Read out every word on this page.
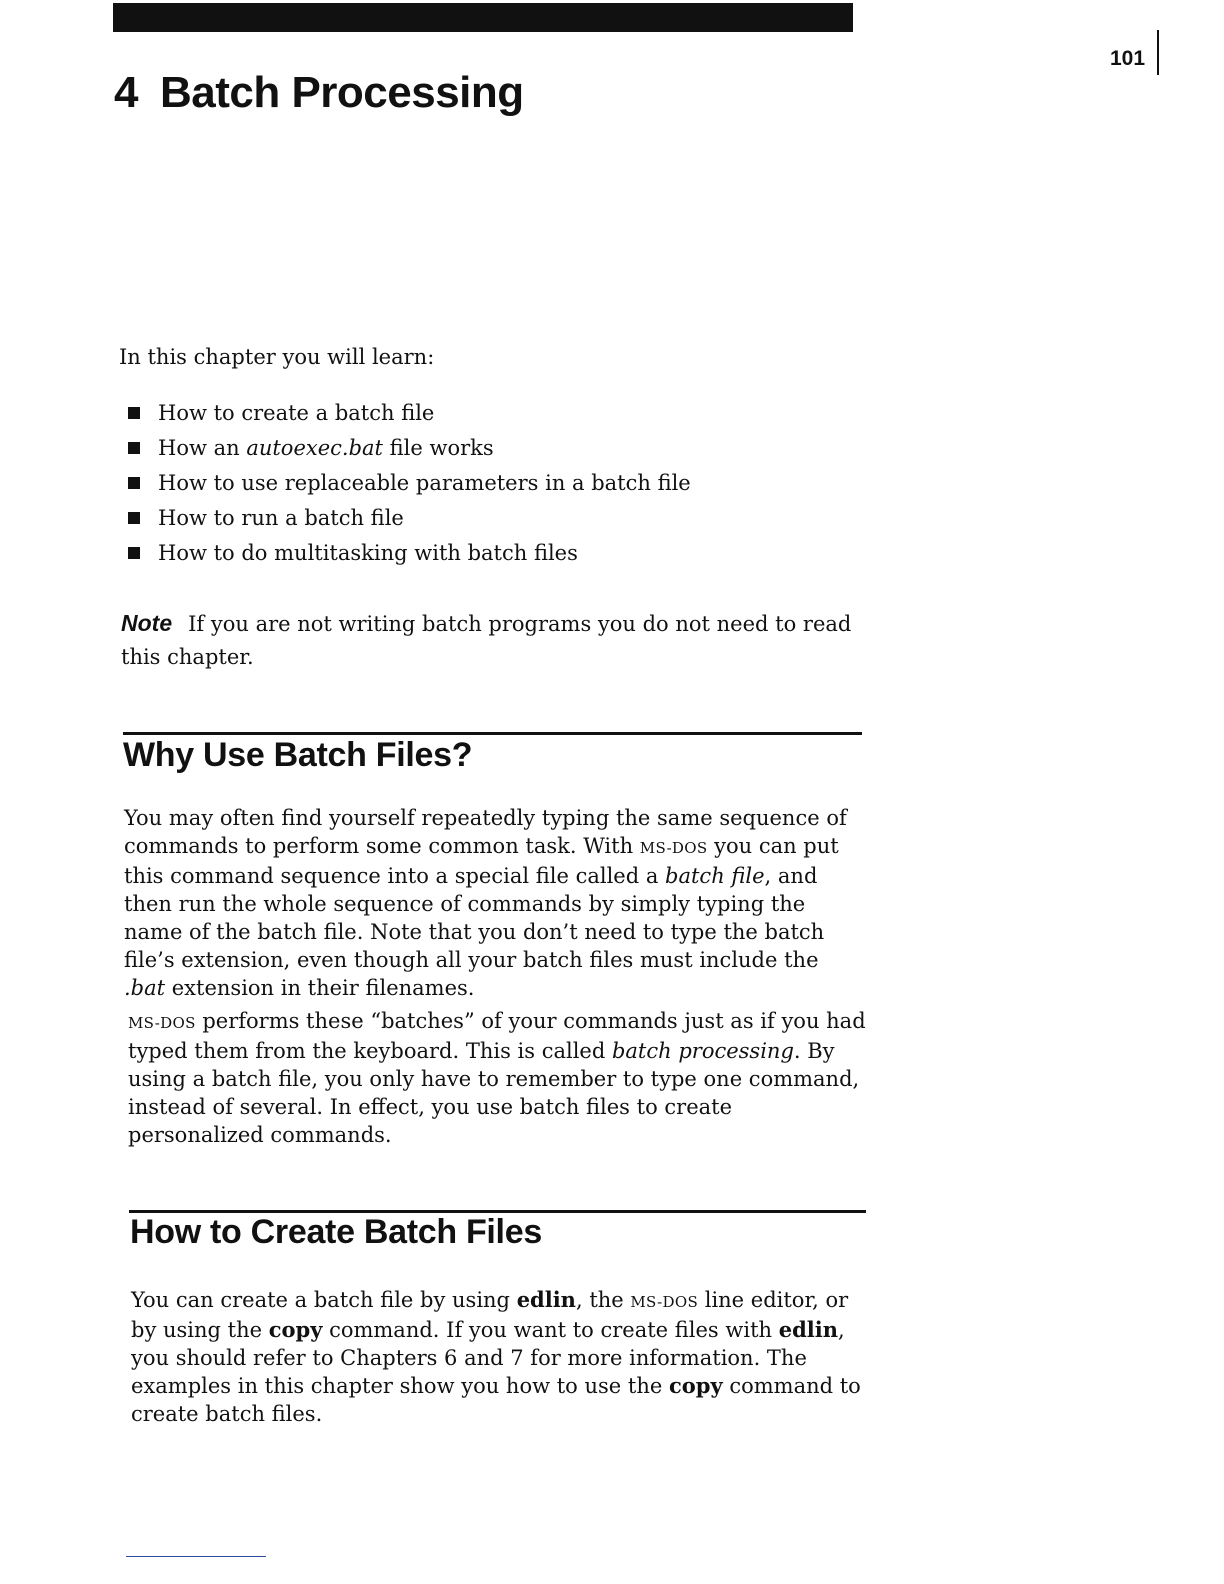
101
4 Batch Processing

In this chapter you will learn:

How to create a batch file
How an autoexec.bat file works
How to use replaceable parameters in a batch file
How to run a batch file
How to do multitasking with batch files

Note If you are not writing batch programs you do not need to read this chapter.

Why Use Batch Files?

You may often find yourself repeatedly typing the same sequence of commands to perform some common task. With MS-DOS you can put this command sequence into a special file called a batch file, and then run the whole sequence of commands by simply typing the name of the batch file. Note that you don’t need to type the batch file’s extension, even though all your batch files must include the .bat extension in their filenames.

MS-DOS performs these “batches” of your commands just as if you had typed them from the keyboard. This is called batch processing. By using a batch file, you only have to remember to type one command, instead of several. In effect, you use batch files to create personalized commands.

How to Create Batch Files

You can create a batch file by using edlin, the MS-DOS line editor, or by using the copy command. If you want to create files with edlin, you should refer to Chapters 6 and 7 for more information. The examples in this chapter show you how to use the copy command to create batch files.
